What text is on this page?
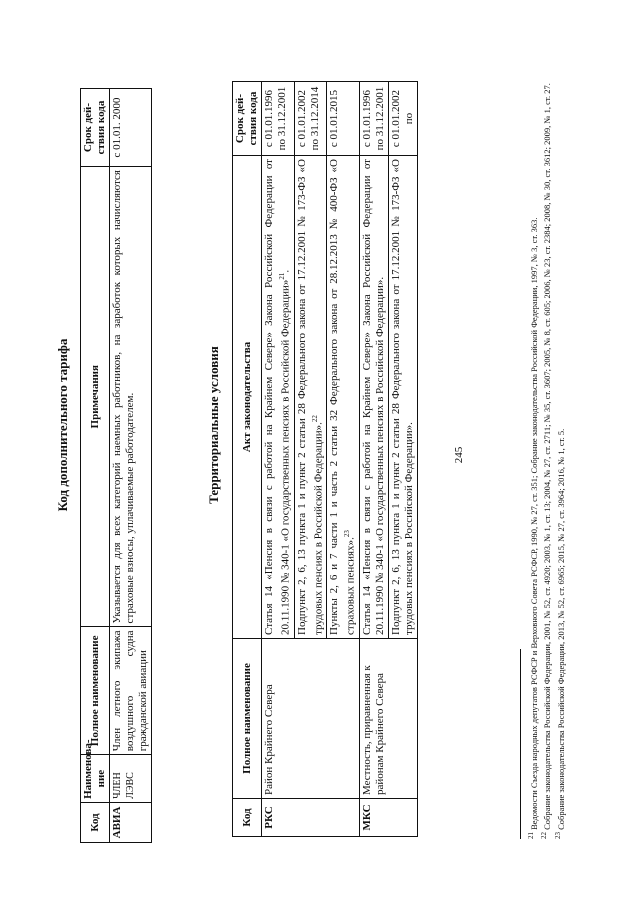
245
Код дополнительного тарифа
Код	Наименова-ние	Полное наименование	Примечания	Срок дей-ствия кода
АВИА	ЧЛЕН ЛЭВС	Член летного экипажа воздушного судна гражданской авиации	Указывается для всех категорий наемных работников, на заработок которых начисляются страховые взносы, уплачиваемые работодателем.	с 01.01. 2000
Территориальные условия
Код	Полное наименование	Акт законодательства	Срок дей-ствия кода
РКС	Район Крайнего Севера	Статья 14 «Пенсия в связи с работой на Крайнем Севере» Закона Российской Федерации от 20.11.1990 № 340-1 «О государственных пенсиях в Российской Федерации»$^{21}$.	с 01.01.1996 по 31.12.2001
		Подпункт 2, 6, 13 пункта 1 и пункт 2 статьи 28 Федерального закона от 17.12.2001 № 173-ФЗ «О трудовых пенсиях в Российской Федерации».$^{22}$	с 01.01.2002 по 31.12.2014
		Пункты 2, 6 и 7 части 1 и часть 2 статьи 32 Федерального закона от 28.12.2013 № 400-ФЗ «О страховых пенсиях».$^{23}$	с 01.01.2015
МКС	Местность, приравненная к районам Крайнего Севера	Статья 14 «Пенсия в связи с работой на Крайнем Севере» Закона Российской Федерации от 20.11.1990 № 340-1 «О государственных пенсиях в Российской Федерации».	с 01.01.1996 по 31.12.2001
		Подпункт 2, 6, 13 пункта 1 и пункт 2 статьи 28 Федерального закона от 17.12.2001 № 173-ФЗ «О трудовых пенсиях в Российской Федерации».	с 01.01.2002 по

$^{21}$ Ведомости Съезда народных депутатов РСФСР и Верховного Совета РСФСР, 1990, № 27, ст. 351; Собрание законодательства Российской Федерации, 1997, № 3, ст. 363.

$^{22}$ Собрание законодательства Российской Федерации, 2001, № 52, ст. 4920; 2003, № 1, ст. 13; 2004, № 27, ст. 2711; № 35, ст. 3607; 2005, № 8, ст. 605; 2006, № 23, ст. 2384; 2008, № 30, ст. 3612; 2009, № 1, ст. 27.

$^{23}$ Собрание законодательства Российской Федерации, 2013, № 52, ст. 6965; 2015, № 27, ст. 3964; 2016, № 1, ст. 5.
